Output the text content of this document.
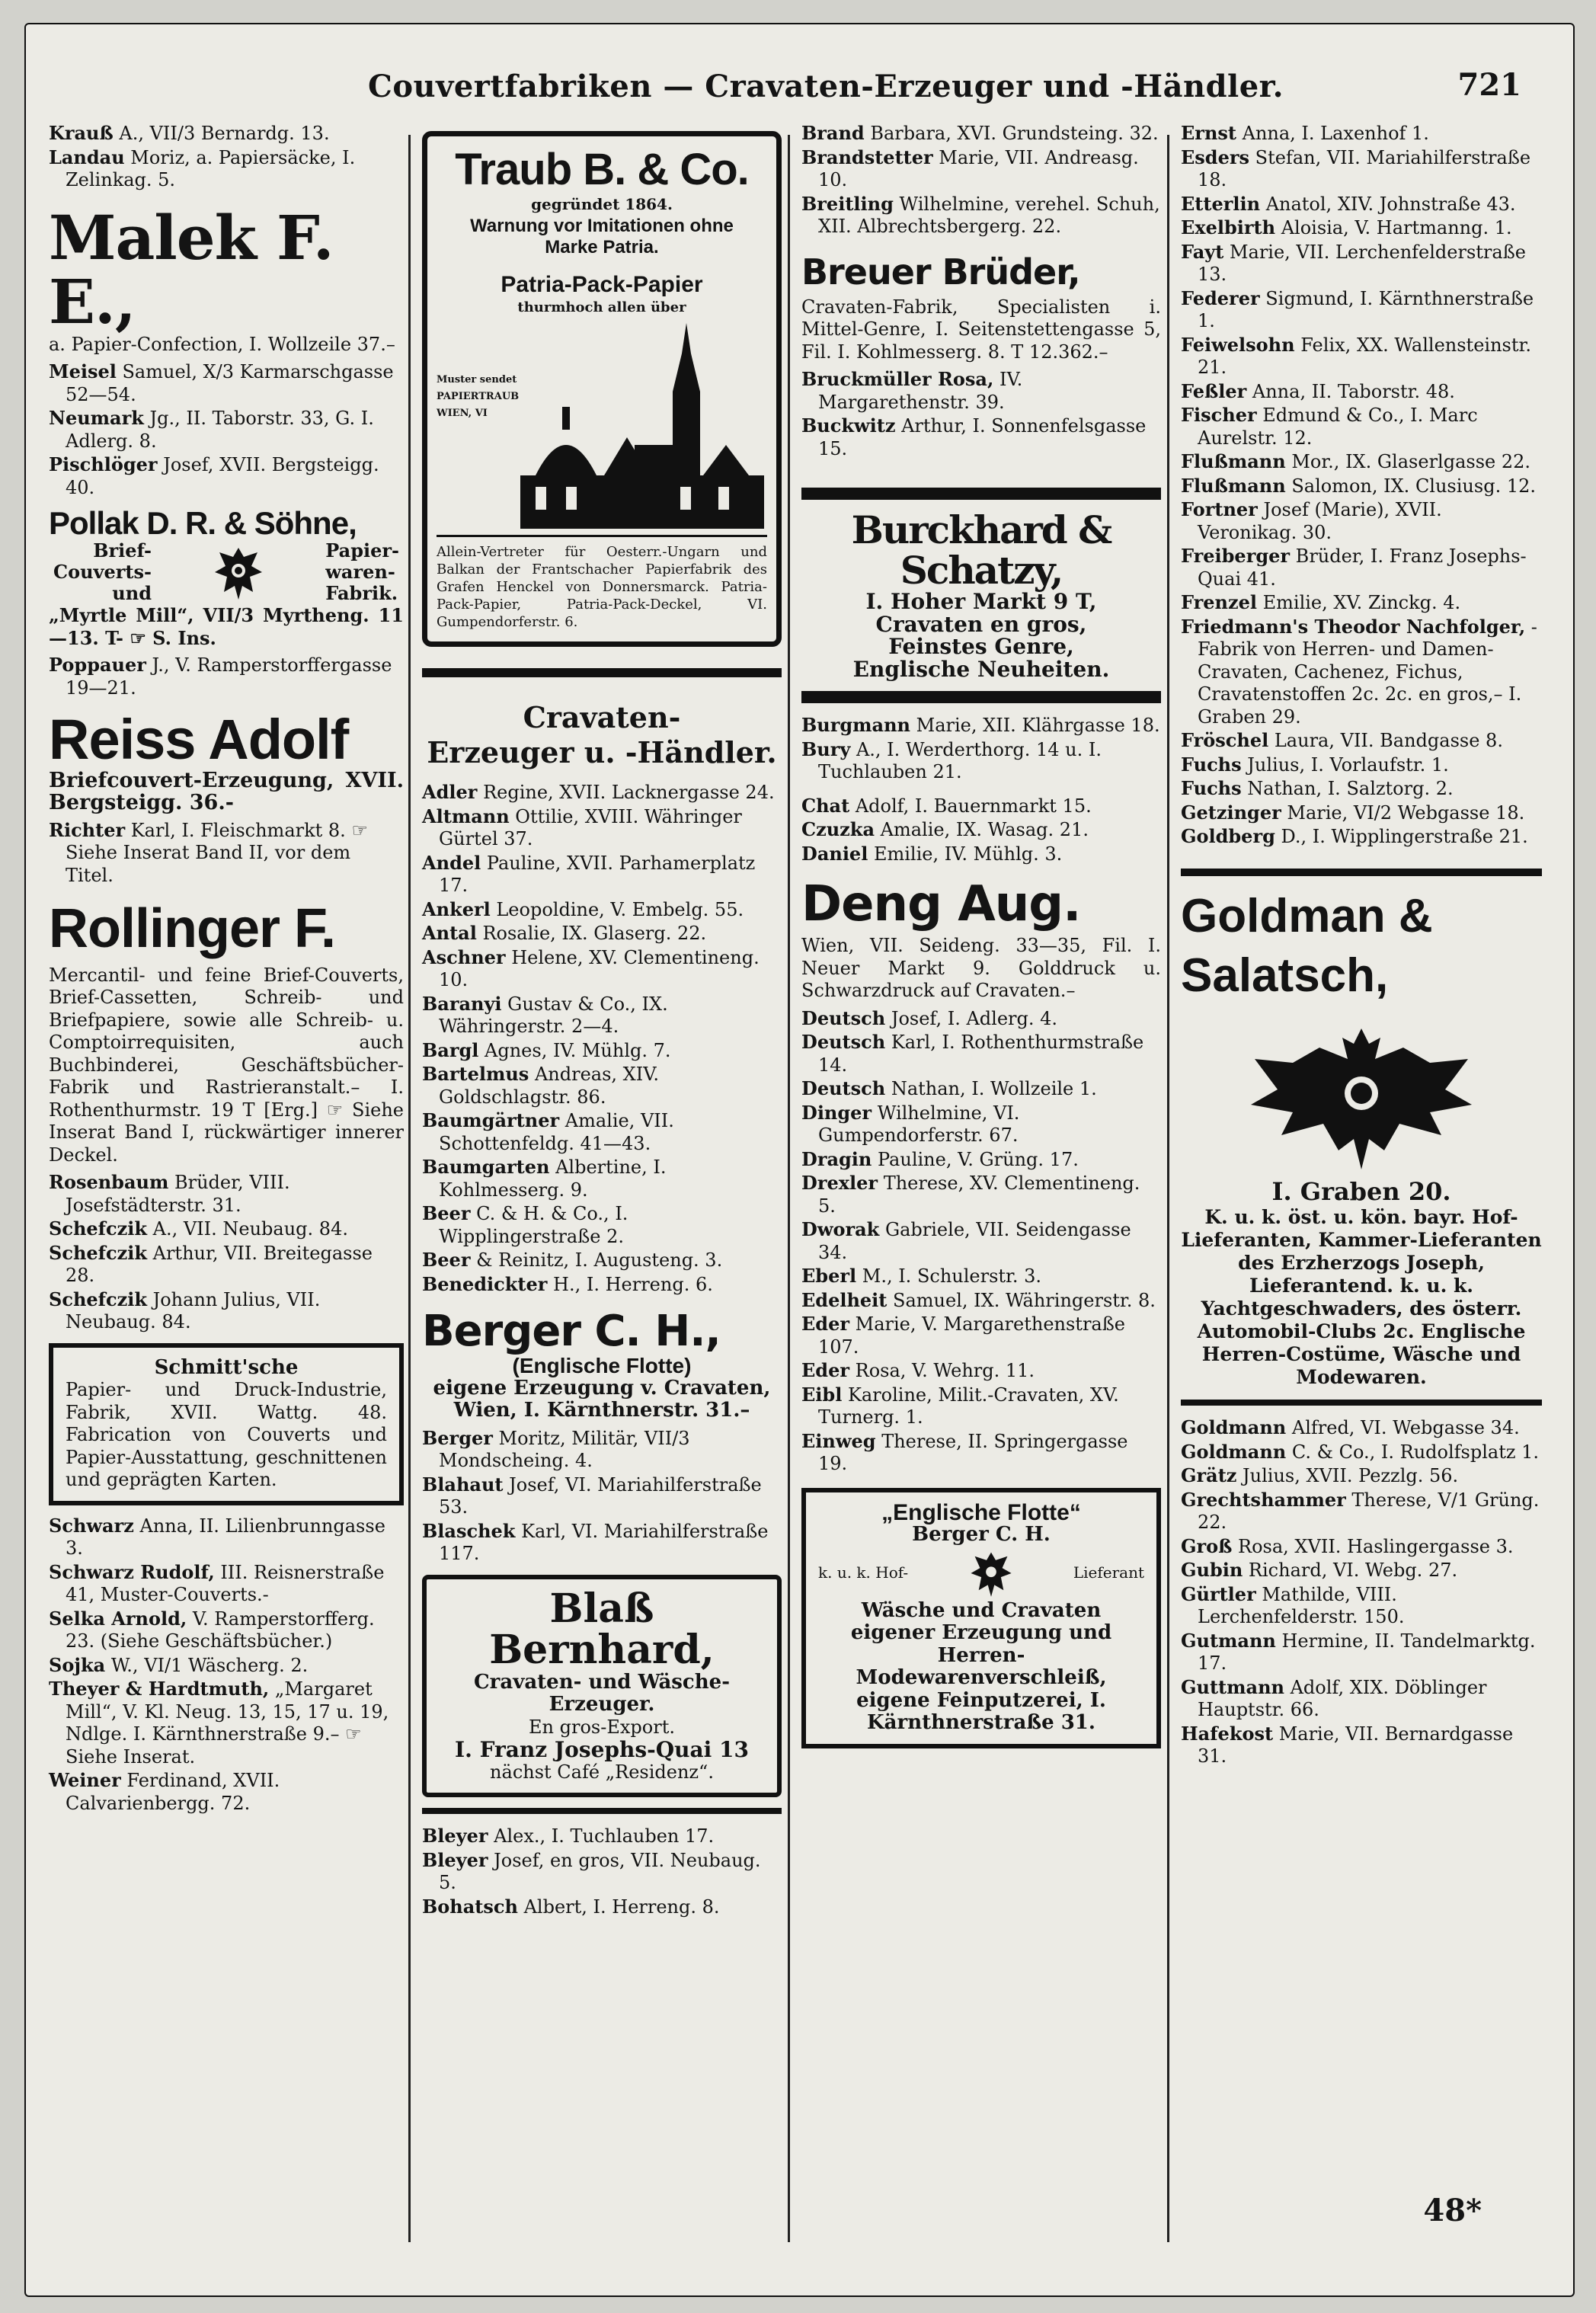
Couvertfabriken — Cravaten-Erzeuger und -Händler.	721
Krauß A., VII/3 Bernardg. 13.
Landau Moriz, a. Papiersäcke, I. Zelinkag. 5.
Malek F. E.,
a. Papier-Confection, I. Wollzeile 37.–
Meisel Samuel, X/3 Karmarschgasse 52—54.
Neumark Jg., II. Taborstr. 33, G. I. Adlerg. 8.
Pischlöger Josef, XVII. Bergsteigg. 40.
Pollak D. R. & Söhne,
Brief-
Couverts-
und
Papier-
waren-
Fabrik.
„Myrtle Mill“, VII/3 Myrtheng. 11—13. T- ☞ S. Ins.
Poppauer J., V. Ramperstorffergasse 19—21.
Reiss Adolf
Briefcouvert-Erzeugung, XVII. Bergsteigg. 36.-
Richter Karl, I. Fleischmarkt 8. ☞ Siehe Inserat Band II, vor dem Titel.
Rollinger F.
Mercantil- und feine Brief-Couverts, Brief-Cassetten, Schreib- und Briefpapiere, sowie alle Schreib- u. Comptoirrequisiten, auch Buchbinderei, Geschäftsbücher-Fabrik und Rastrieranstalt.– I. Rothenthurmstr. 19 T [Erg.] ☞ Siehe Inserat Band I, rückwärtiger innerer Deckel.
Rosenbaum Brüder, VIII. Josefstädterstr. 31.
Schefczik A., VII. Neubaug. 84.
Schefczik Arthur, VII. Breitegasse 28.
Schefczik Johann Julius, VII. Neubaug. 84.
Schmitt'sche
Papier- und Druck-Industrie, Fabrik, XVII. Wattg. 48. Fabrication von Couverts und Papier-Ausstattung, geschnittenen und geprägten Karten.
Schwarz Anna, II. Lilienbrunngasse 3.
Schwarz Rudolf, III. Reisnerstraße 41, Muster-Couverts.-
Selka Arnold, V. Ramperstorfferg. 23. (Siehe Geschäftsbücher.)
Sojka W., VI/1 Wäscherg. 2.
Theyer & Hardtmuth, „Margaret Mill“, V. Kl. Neug. 13, 15, 17 u. 19, Ndlge. I. Kärnthnerstraße 9.– ☞ Siehe Inserat.
Weiner Ferdinand, XVII. Calvarienbergg. 72.
Traub B. & Co.
gegründet 1864.
Warnung vor Imitationen ohne Marke Patria.
Patria-Pack-Papier
thurmhoch allen über
Muster sendet
PAPIERTRAUB
WIEN, VI
Allein-Vertreter für Oesterr.-Ungarn und Balkan der Frantschacher Papierfabrik des Grafen Henckel von Donnersmarck. Patria-Pack-Papier, Patria-Pack-Deckel, VI. Gumpendorferstr. 6.
Cravaten-
Erzeuger u. -Händler.
Adler Regine, XVII. Lacknergasse 24.
Altmann Ottilie, XVIII. Währinger Gürtel 37.
Andel Pauline, XVII. Parhamerplatz 17.
Ankerl Leopoldine, V. Embelg. 55.
Antal Rosalie, IX. Glaserg. 22.
Aschner Helene, XV. Clementineng. 10.
Baranyi Gustav & Co., IX. Währingerstr. 2—4.
Bargl Agnes, IV. Mühlg. 7.
Bartelmus Andreas, XIV. Goldschlagstr. 86.
Baumgärtner Amalie, VII. Schottenfeldg. 41—43.
Baumgarten Albertine, I. Kohlmesserg. 9.
Beer C. & H. & Co., I. Wipplingerstraße 2.
Beer & Reinitz, I. Augusteng. 3.
Benedickter H., I. Herreng. 6.
Berger C. H.,
(Englische Flotte)
eigene Erzeugung v. Cravaten, Wien, I. Kärnthnerstr. 31.–
Berger Moritz, Militär, VII/3 Mondscheing. 4.
Blahaut Josef, VI. Mariahilferstraße 53.
Blaschek Karl, VI. Mariahilferstraße 117.
Blaß Bernhard,
Cravaten- und Wäsche-Erzeuger.
En gros-Export.
I. Franz Josephs-Quai 13
nächst Café „Residenz“.
Bleyer Alex., I. Tuchlauben 17.
Bleyer Josef, en gros, VII. Neubaug. 5.
Bohatsch Albert, I. Herreng. 8.
Brand Barbara, XVI. Grundsteing. 32.
Brandstetter Marie, VII. Andreasg. 10.
Breitling Wilhelmine, verehel. Schuh, XII. Albrechtsbergerg. 22.
Breuer Brüder,
Cravaten-Fabrik, Specialisten i. Mittel-Genre, I. Seitenstettengasse 5, Fil. I. Kohlmesserg. 8. T 12.362.–
Bruckmüller Rosa, IV. Margarethenstr. 39.
Buckwitz Arthur, I. Sonnenfelsgasse 15.
Burckhard & Schatzy,
I. Hoher Markt 9 T,
Cravaten en gros,
Feinstes Genre,
Englische Neuheiten.
Burgmann Marie, XII. Klährgasse 18.
Bury A., I. Werderthorg. 14 u. I. Tuchlauben 21.
Chat Adolf, I. Bauernmarkt 15.
Czuzka Amalie, IX. Wasag. 21.
Daniel Emilie, IV. Mühlg. 3.
Deng Aug.
Wien, VII. Seideng. 33—35, Fil. I. Neuer Markt 9. Golddruck u. Schwarzdruck auf Cravaten.–
Deutsch Josef, I. Adlerg. 4.
Deutsch Karl, I. Rothenthurmstraße 14.
Deutsch Nathan, I. Wollzeile 1.
Dinger Wilhelmine, VI. Gumpendorferstr. 67.
Dragin Pauline, V. Grüng. 17.
Drexler Therese, XV. Clementineng. 5.
Dworak Gabriele, VII. Seidengasse 34.
Eberl M., I. Schulerstr. 3.
Edelheit Samuel, IX. Währingerstr. 8.
Eder Marie, V. Margarethenstraße 107.
Eder Rosa, V. Wehrg. 11.
Eibl Karoline, Milit.-Cravaten, XV. Turnerg. 1.
Einweg Therese, II. Springergasse 19.
„Englische Flotte“
Berger C. H.
k. u. k. Hof-	Lieferant
Wäsche und Cravaten eigener Erzeugung und Herren-Modewarenverschleiß, eigene Feinputzerei, I. Kärnthnerstraße 31.
Ernst Anna, I. Laxenhof 1.
Esders Stefan, VII. Mariahilferstraße 18.
Etterlin Anatol, XIV. Johnstraße 43.
Exelbirth Aloisia, V. Hartmanng. 1.
Fayt Marie, VII. Lerchenfelderstraße 13.
Federer Sigmund, I. Kärnthnerstraße 1.
Feiwelsohn Felix, XX. Wallensteinstr. 21.
Feßler Anna, II. Taborstr. 48.
Fischer Edmund & Co., I. Marc Aurelstr. 12.
Flußmann Mor., IX. Glaserlgasse 22.
Flußmann Salomon, IX. Clusiusg. 12.
Fortner Josef (Marie), XVII. Veronikag. 30.
Freiberger Brüder, I. Franz Josephs-Quai 41.
Frenzel Emilie, XV. Zinckg. 4.
Friedmann's Theodor Nachfolger, -Fabrik von Herren- und Damen-Cravaten, Cachenez, Fichus, Cravatenstoffen 2c. 2c. en gros,– I. Graben 29.
Fröschel Laura, VII. Bandgasse 8.
Fuchs Julius, I. Vorlaufstr. 1.
Fuchs Nathan, I. Salztorg. 2.
Getzinger Marie, VI/2 Webgasse 18.
Goldberg D., I. Wipplingerstraße 21.
Goldman & Salatsch,
I. Graben 20.
K. u. k. öst. u. kön. bayr. Hof-Lieferanten, Kammer-Lieferanten des Erzherzogs Joseph, Lieferantend. k. u. k. Yachtgeschwaders, des österr. Automobil-Clubs 2c. Englische Herren-Costüme, Wäsche und Modewaren.
Goldmann Alfred, VI. Webgasse 34.
Goldmann C. & Co., I. Rudolfsplatz 1.
Grätz Julius, XVII. Pezzlg. 56.
Grechtshammer Therese, V/1 Grüng. 22.
Groß Rosa, XVII. Haslingergasse 3.
Gubin Richard, VI. Webg. 27.
Gürtler Mathilde, VIII. Lerchenfelderstr. 150.
Gutmann Hermine, II. Tandelmarktg. 17.
Guttmann Adolf, XIX. Döblinger Hauptstr. 66.
Hafekost Marie, VII. Bernardgasse 31.
48*
